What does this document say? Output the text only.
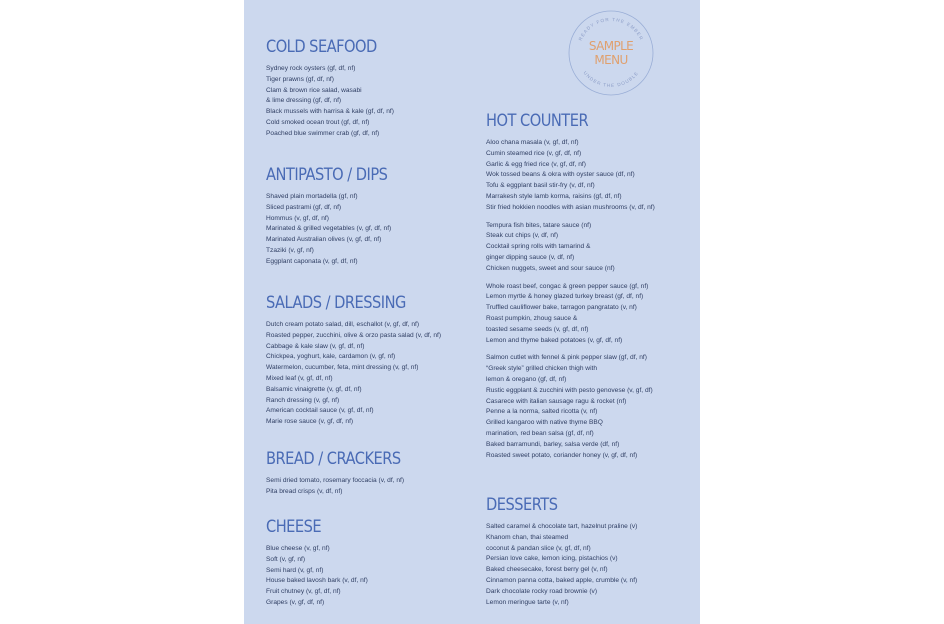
COLD SEAFOOD
Sydney rock oysters (gf, df, nf)
Tiger prawns (gf, df, nf)
Clam & brown rice salad, wasabi
& lime dressing (gf, df, nf)
Black mussels with harrisa & kale (gf, df, nf)
Cold smoked ocean trout (gf, df, nf)
Poached blue swimmer crab (gf, df, nf)
ANTIPASTO / DIPS
Shaved plain mortadella (gf, nf)
Sliced pastrami (gf, df, nf)
Hommus (v, gf, df, nf)
Marinated & grilled vegetables (v, gf, df, nf)
Marinated Australian olives (v, gf, df, nf)
Tzaziki (v, gf, nf)
Eggplant caponata (v, gf, df, nf)
SALADS / DRESSING
Dutch cream potato salad, dill, eschallot (v, gf, df, nf)
Roasted pepper, zucchini, olive & orzo pasta salad (v, df, nf)
Cabbage & kale slaw (v, gf, df, nf)
Chickpea, yoghurt, kale, cardamon (v, gf, nf)
Watermelon, cucumber, feta, mint dressing (v, gf, nf)
Mixed leaf (v, gf, df, nf)
Balsamic vinaigrette (v, gf, df, nf)
Ranch dressing (v, gf, nf)
American cocktail sauce (v, gf, df, nf)
Marie rose sauce (v, gf, df, nf)
BREAD / CRACKERS
Semi dried tomato, rosemary foccacia (v, df, nf)
Pita bread crisps (v, df, nf)
CHEESE
Blue cheese (v, gf, nf)
Soft (v, gf, nf)
Semi hard (v, gf, nf)
House baked lavosh bark (v, df, nf)
Fruit chutney (v, gf, df, nf)
Grapes (v, gf, df, nf)
HOT COUNTER
Aloo chana masala (v, gf, df, nf)
Cumin steamed rice (v, gf, df, nf)
Garlic & egg fried rice (v, gf, df, nf)
Wok tossed beans & okra with oyster sauce (df, nf)
Tofu & eggplant basil stir-fry (v, df, nf)
Marrakesh style lamb korma, raisins (gf, df, nf)
Stir fried hokkien noodles with asian mushrooms (v, df, nf)
Tempura fish bites, tatare sauce (nf)
Steak cut chips (v, df, nf)
Cocktail spring rolls with tamarind &
ginger dipping sauce (v, df, nf)
Chicken nuggets, sweet and sour sauce (nf)
Whole roast beef, congac & green pepper sauce (gf, nf)
Lemon myrtle & honey glazed turkey breast (gf, df, nf)
Truffled cauliflower bake, tarragon pangratato (v, nf)
Roast pumpkin, zhoug sauce &
toasted sesame seeds (v, gf, df, nf)
Lemon and thyme baked potatoes (v, gf, df, nf)
Salmon cutlet with fennel & pink pepper slaw (gf, df, nf)
“Greek style” grilled chicken thigh with
lemon & oregano (gf, df, nf)
Rustic eggplant & zucchini with pesto genovese (v, gf, df)
Casarece with italian sausage ragu & rocket (nf)
Penne a la norma, salted ricotta (v, nf)
Grilled kangaroo with native thyme BBQ
marination, red bean salsa (gf, df, nf)
Baked barramundi, barley, salsa verde (df, nf)
Roasted sweet potato, coriander honey (v, gf, df, nf)
DESSERTS
Salted caramel & chocolate tart, hazelnut praline (v)
Khanom chan, thai steamed
coconut & pandan slice (v, gf, df, nf)
Persian love cake, lemon icing, pistachios (v)
Baked cheesecake, forest berry gel (v, nf)
Cinnamon panna cotta, baked apple, crumble (v, nf)
Dark chocolate rocky road brownie (v)
Lemon meringue tarte (v, nf)
READY FOR THE EMBER
UNDER THE DOUBLE
SAMPLE
MENU
